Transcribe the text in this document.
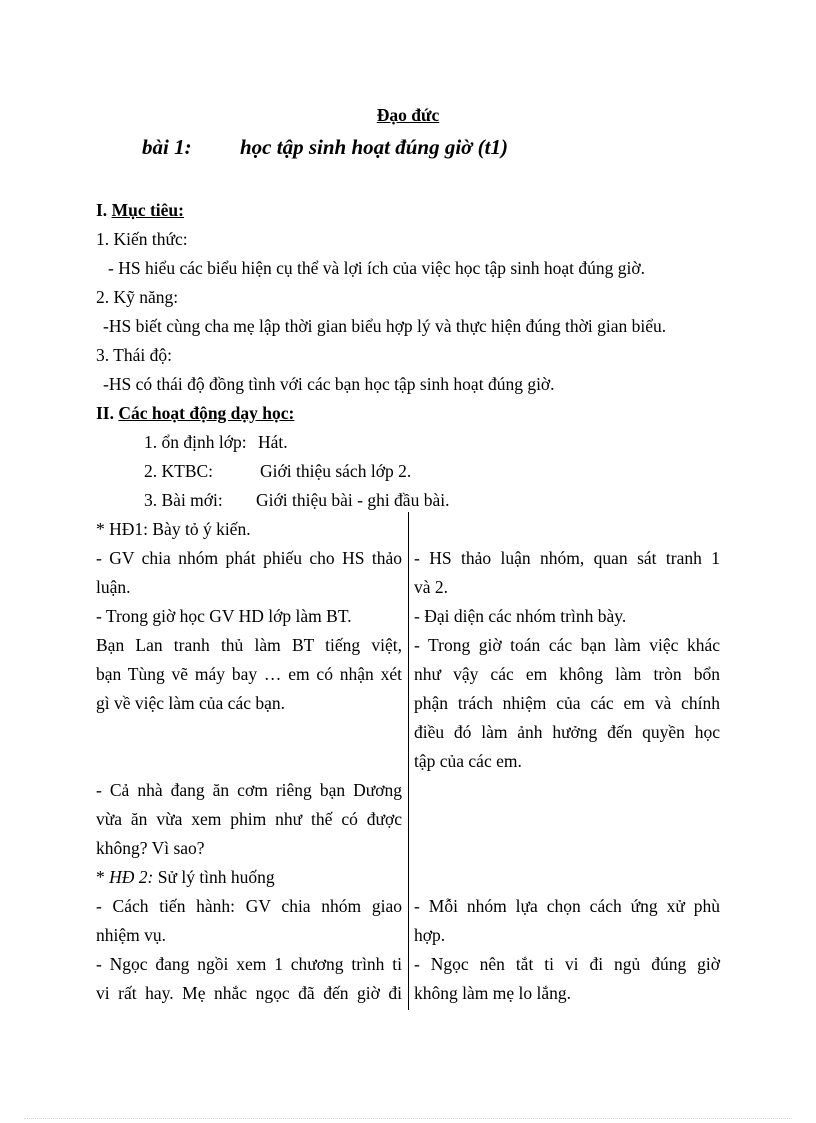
Đạo đức
bài 1: học tập sinh hoạt đúng giờ (t1)
I. Mục tiêu:
1. Kiến thức:
- HS hiểu các biểu hiện cụ thể và lợi ích của việc học tập sinh hoạt đúng giờ.
2. Kỹ năng:
-HS biết cùng cha mẹ lập thời gian biểu hợp lý và thực hiện đúng thời gian biểu.
3. Thái độ:
-HS có thái độ đồng tình với các bạn học tập sinh hoạt đúng giờ.
II. Các hoạt động dạy học:
1. ổn định lớp: Hát.
2. KTBC:	Giới thiệu sách lớp 2.
3. Bài mới: Giới thiệu bài - ghi đầu bài.
* HĐ1: Bày tỏ ý kiến.
- GV chia nhóm phát phiếu cho HS thảo
luận.
- Trong giờ học GV HD lớp làm BT.
Bạn Lan tranh thủ làm BT tiếng việt,
bạn Tùng vẽ máy bay … em có nhận xét
gì về việc làm của các bạn.
- Cả nhà đang ăn cơm riêng bạn Dương
vừa ăn vừa xem phim như thế có được
không? Vì sao?
* HĐ 2: Sử lý tình huống
- Cách tiến hành: GV chia nhóm giao
nhiệm vụ.
- Ngọc đang ngồi xem 1 chương trình ti
vi rất hay. Mẹ nhắc ngọc đã đến giờ đi
- HS thảo luận nhóm, quan sát tranh 1
và 2.
- Đại diện các nhóm trình bày.
- Trong giờ toán các bạn làm việc khác
như vậy các em không làm tròn bổn
phận trách nhiệm của các em và chính
điều đó làm ảnh hưởng đến quyền học
tập của các em.
- Mỗi nhóm lựa chọn cách ứng xử phù
hợp.
- Ngọc nên tắt ti vi đi ngủ đúng giờ
không làm mẹ lo lắng.
